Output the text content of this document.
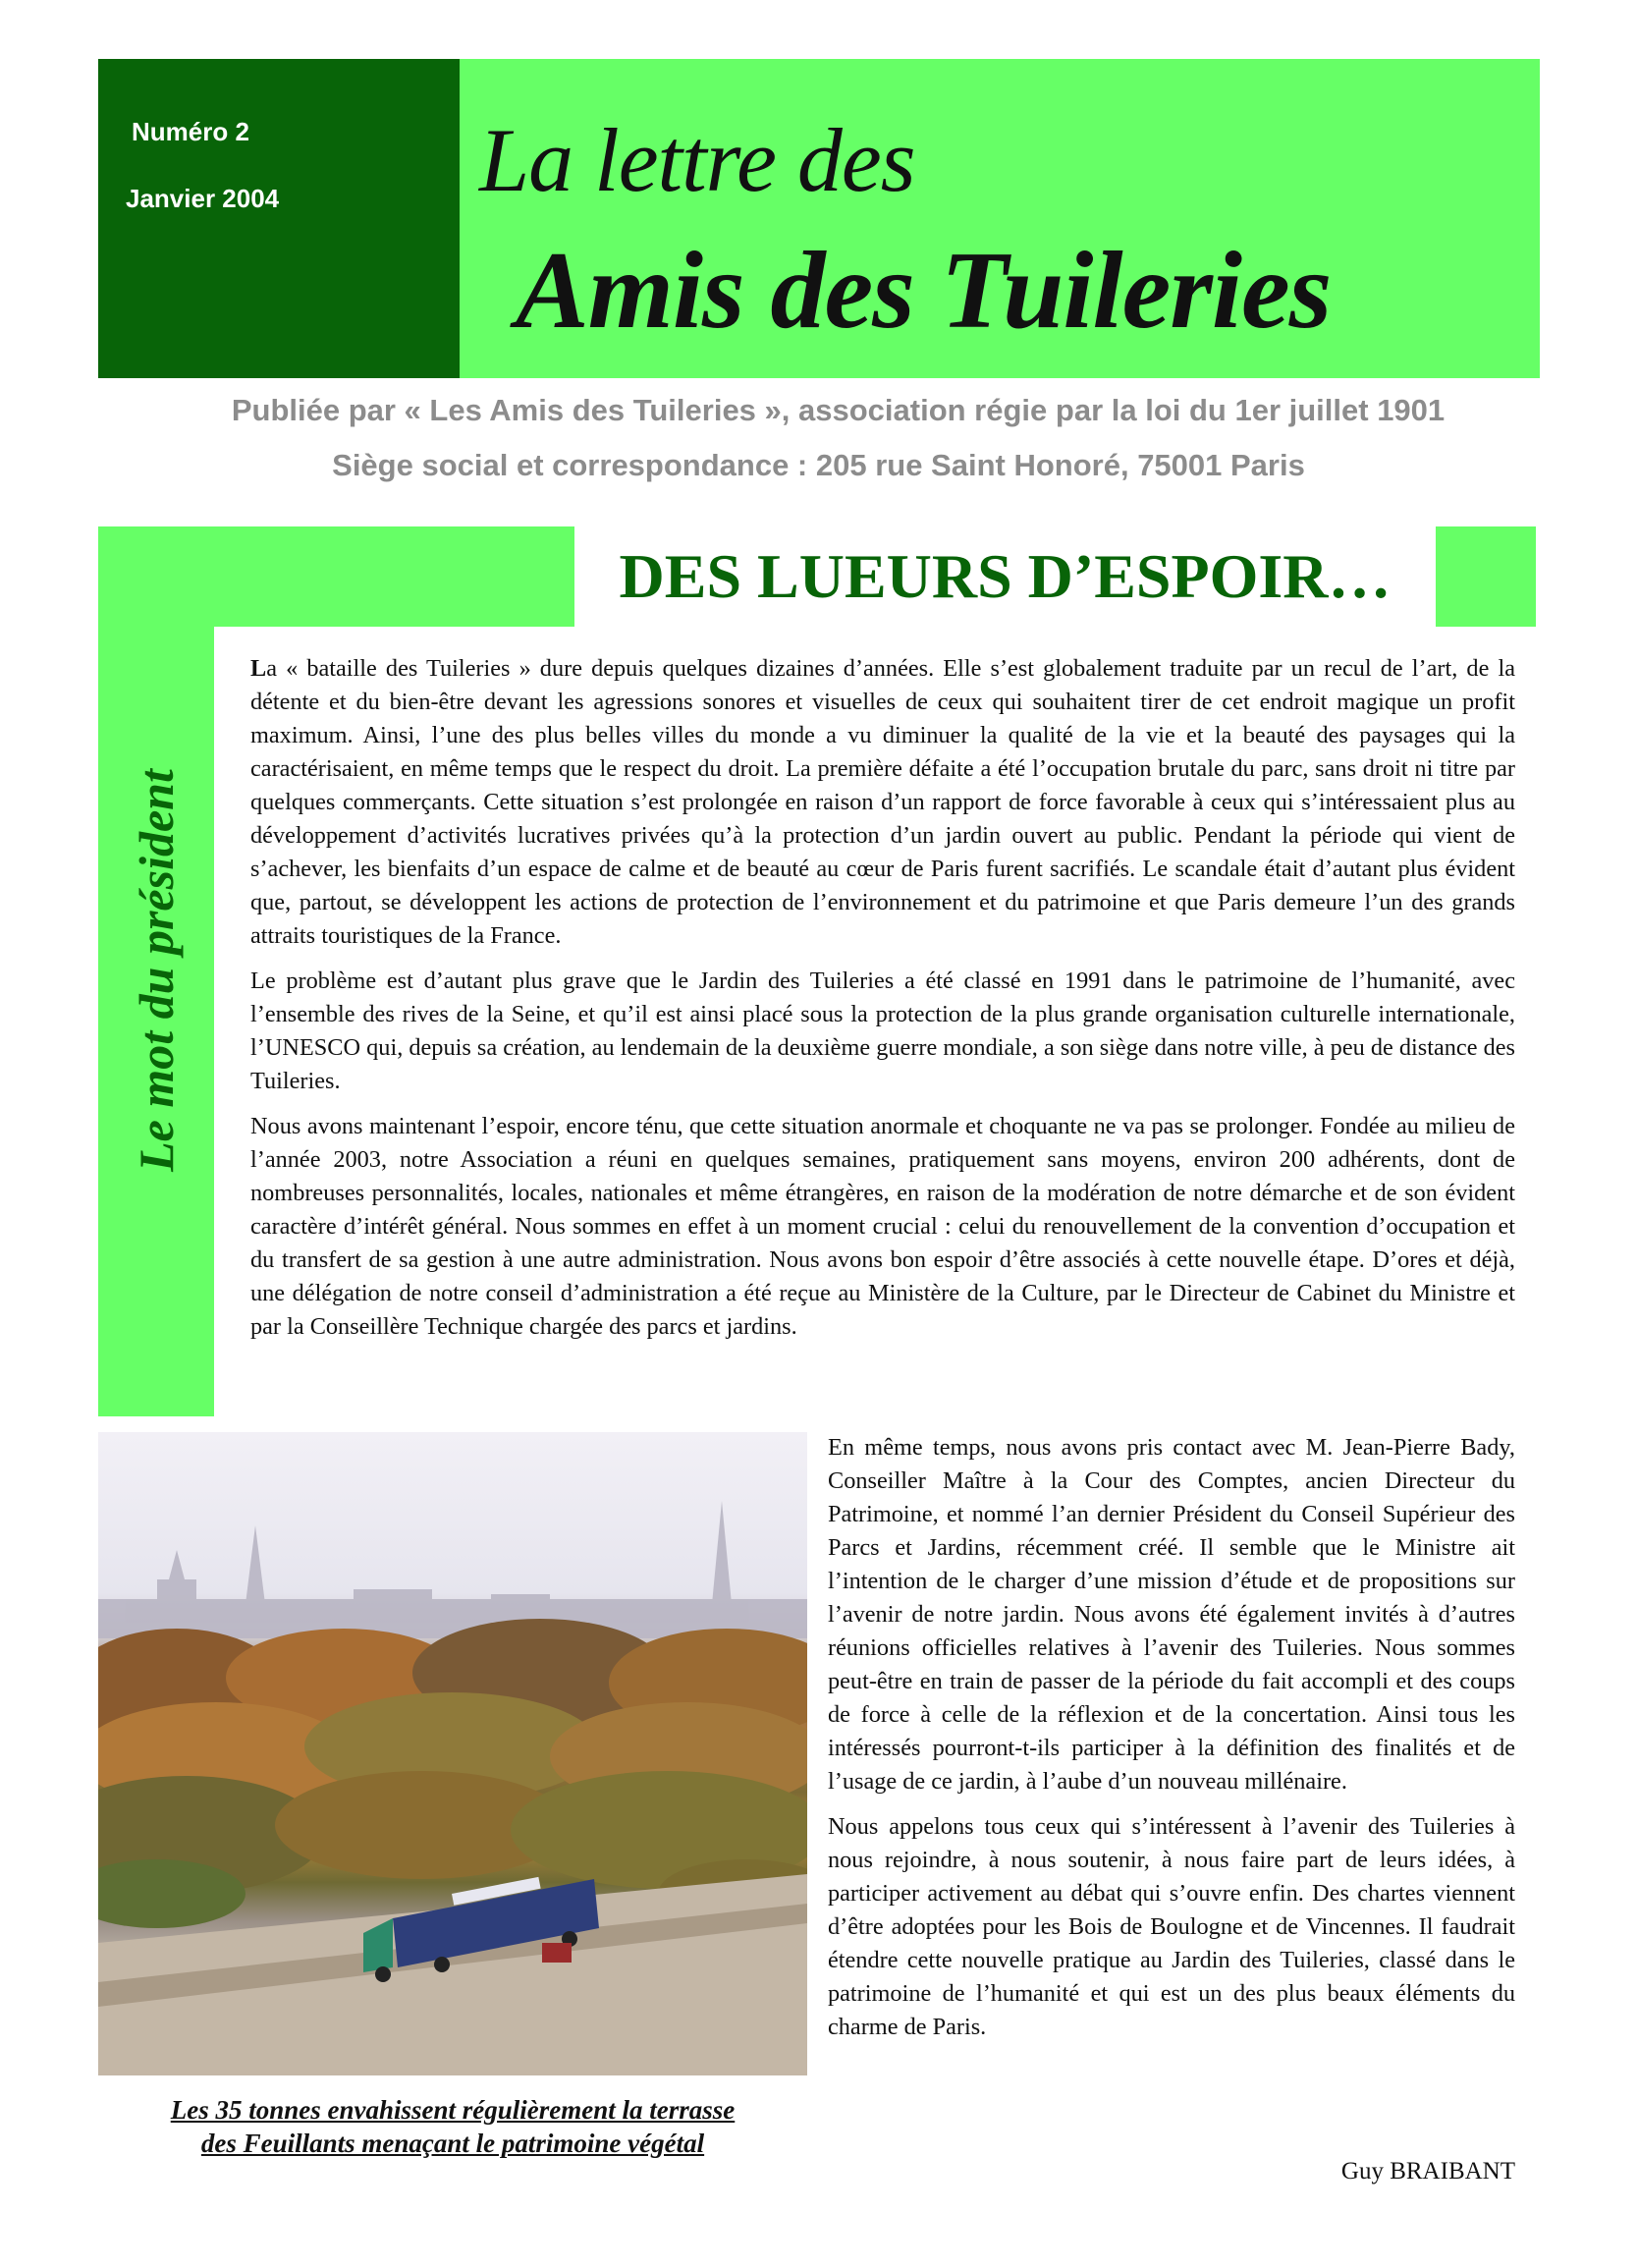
Numéro 2
Janvier 2004 La lettre des
Amis des Tuileries
Publiée par « Les Amis des Tuileries », association régie par la loi du 1er juillet 1901
Siège social et correspondance : 205 rue Saint Honoré, 75001 Paris
DES LUEURS D’ESPOIR…
Le mot du président

La « bataille des Tuileries » dure depuis quelques dizaines d’années. Elle s’est globalement traduite par un recul de l’art, de la détente et du bien-être devant les agressions sonores et visuelles de ceux qui souhaitent tirer de cet endroit magique un profit maximum. Ainsi, l’une des plus belles villes du monde a vu diminuer la qualité de la vie et la beauté des paysages qui la caractérisaient, en même temps que le respect du droit. La première défaite a été l’occupation brutale du parc, sans droit ni titre par quelques commerçants. Cette situation s’est prolongée en raison d’un rapport de force favorable à ceux qui s’intéressaient plus au développement d’activités lucratives privées qu’à la protection d’un jardin ouvert au public. Pendant la période qui vient de s’achever, les bienfaits d’un espace de calme et de beauté au cœur de Paris furent sacrifiés. Le scandale était d’autant plus évident que, partout, se développent les actions de protection de l’environnement et du patrimoine et que Paris demeure l’un des grands attraits touristiques de la France.

Le problème est d’autant plus grave que le Jardin des Tuileries a été classé en 1991 dans le patrimoine de l’humanité, avec l’ensemble des rives de la Seine, et qu’il est ainsi placé sous la protection de la plus grande organisation culturelle internationale, l’UNESCO qui, depuis sa création, au lendemain de la deuxième guerre mondiale, a son siège dans notre ville, à peu de distance des Tuileries.

Nous avons maintenant l’espoir, encore ténu, que cette situation anormale et choquante ne va pas se prolonger. Fondée au milieu de l’année 2003, notre Association a réuni en quelques semaines, pratiquement sans moyens, environ 200 adhérents, dont de nombreuses personnalités, locales, nationales et même étrangères, en raison de la modération de notre démarche et de son évident caractère d’intérêt général. Nous sommes en effet à un moment crucial : celui du renouvellement de la convention d’occupation et du transfert de sa gestion à une autre administration. Nous avons bon espoir d’être associés à cette nouvelle étape. D’ores et déjà, une délégation de notre conseil d’administration a été reçue au Ministère de la Culture, par le Directeur de Cabinet du Ministre et par la Conseillère Technique chargée des parcs et jardins.

Les 35 tonnes envahissent régulièrement la terrasse
des Feuillants menaçant le patrimoine végétal

En même temps, nous avons pris contact avec M. Jean-Pierre Bady, Conseiller Maître à la Cour des Comptes, ancien Directeur du Patrimoine, et nommé l’an dernier Président du Conseil Supérieur des Parcs et Jardins, récemment créé. Il semble que le Ministre ait l’intention de le charger d’une mission d’étude et de propositions sur l’avenir de notre jardin. Nous avons été également invités à d’autres réunions officielles relatives à l’avenir des Tuileries. Nous sommes peut-être en train de passer de la période du fait accompli et des coups de force à celle de la réflexion et de la concertation. Ainsi tous les intéressés pourront-t-ils participer à la définition des finalités et de l’usage de ce jardin, à l’aube d’un nouveau millénaire.

Nous appelons tous ceux qui s’intéressent à l’avenir des Tuileries à nous rejoindre, à nous soutenir, à nous faire part de leurs idées, à participer activement au débat qui s’ouvre enfin. Des chartes viennent d’être adoptées pour les Bois de Boulogne et de Vincennes. Il faudrait étendre cette nouvelle pratique au Jardin des Tuileries, classé dans le patrimoine de l’humanité et qui est un des plus beaux éléments du charme de Paris.

Guy BRAIBANT
